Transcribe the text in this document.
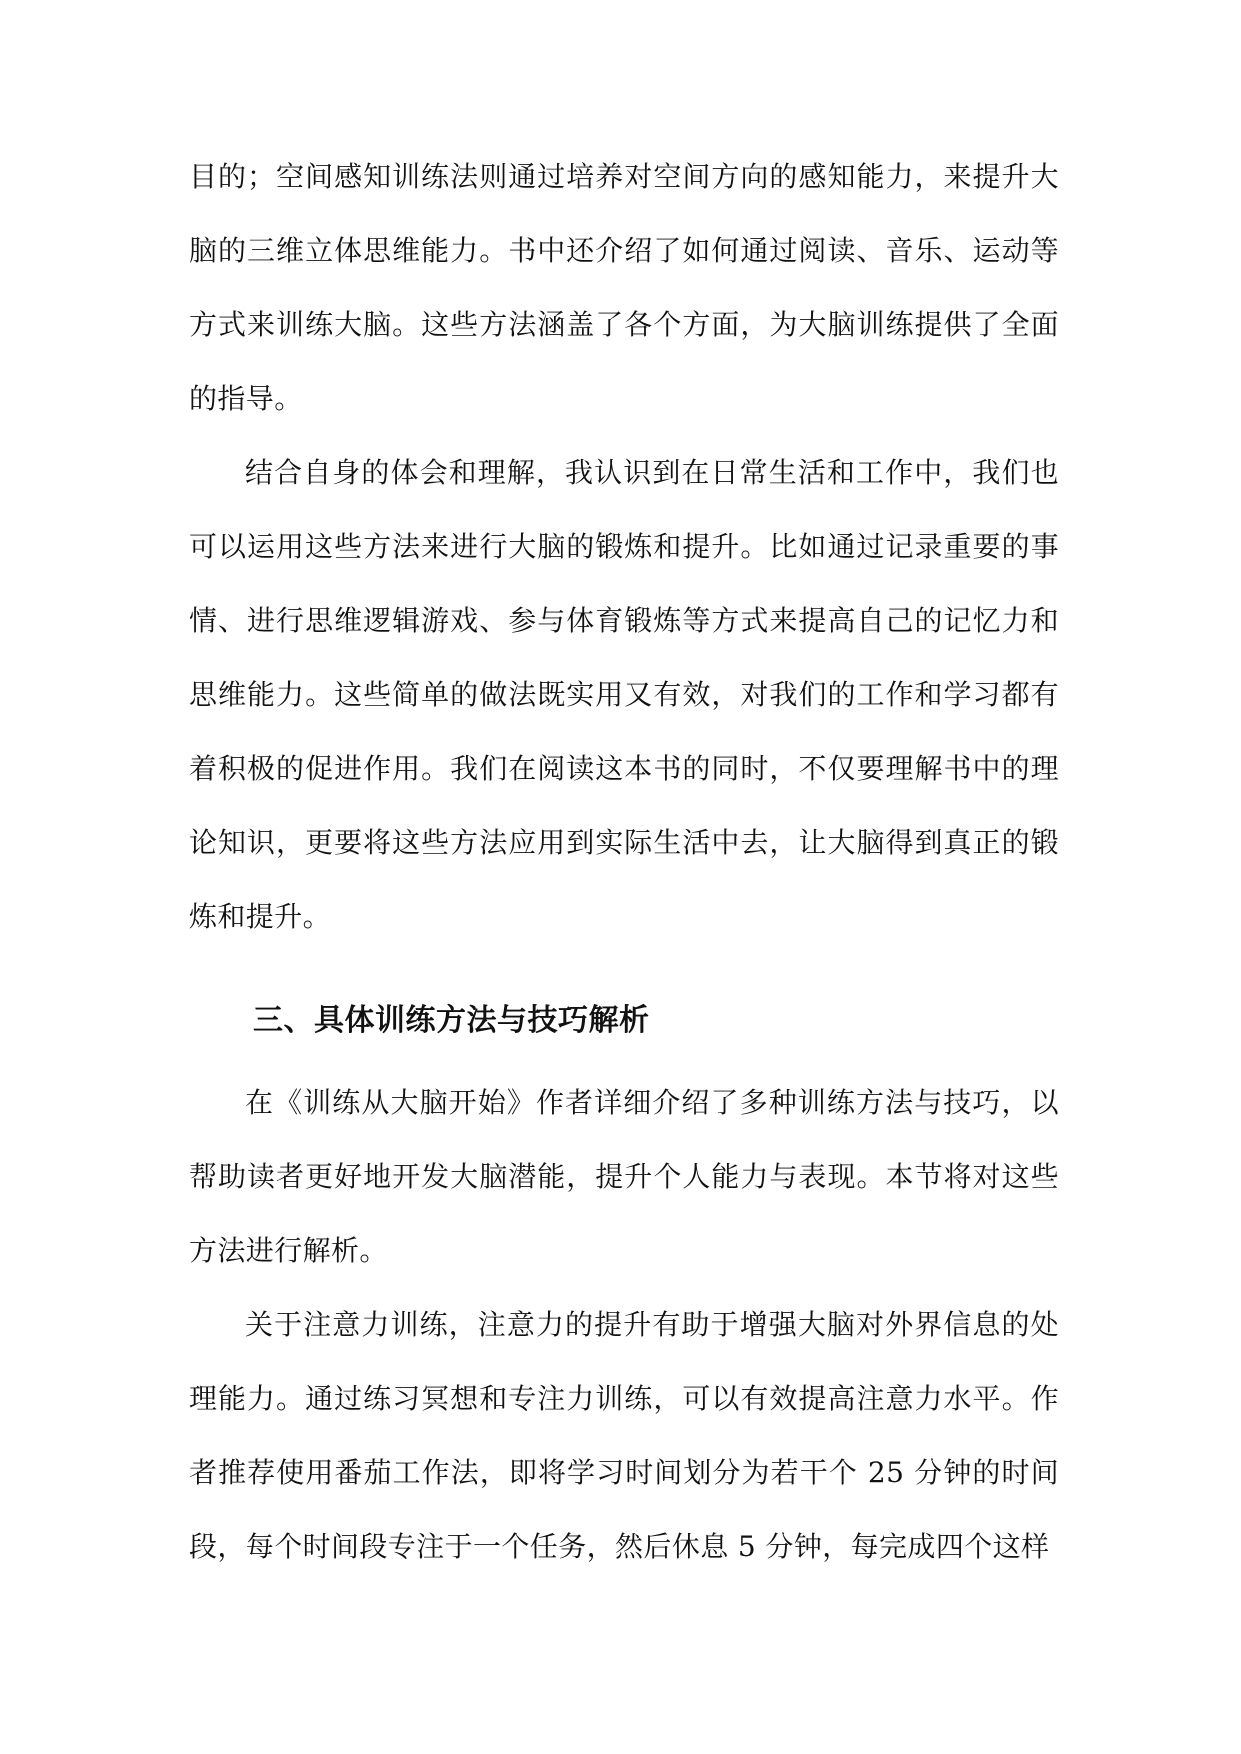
目的；空间感知训练法则通过培养对空间方向的感知能力，来提升大脑的三维立体思维能力。书中还介绍了如何通过阅读、音乐、运动等方式来训练大脑。这些方法涵盖了各个方面，为大脑训练提供了全面的指导。

结合自身的体会和理解，我认识到在日常生活和工作中，我们也可以运用这些方法来进行大脑的锻炼和提升。比如通过记录重要的事情、进行思维逻辑游戏、参与体育锻炼等方式来提高自己的记忆力和思维能力。这些简单的做法既实用又有效，对我们的工作和学习都有着积极的促进作用。我们在阅读这本书的同时，不仅要理解书中的理论知识，更要将这些方法应用到实际生活中去，让大脑得到真正的锻炼和提升。

三、具体训练方法与技巧解析

在《训练从大脑开始》作者详细介绍了多种训练方法与技巧，以帮助读者更好地开发大脑潜能，提升个人能力与表现。本节将对这些方法进行解析。

关于注意力训练，注意力的提升有助于增强大脑对外界信息的处理能力。通过练习冥想和专注力训练，可以有效提高注意力水平。作者推荐使用番茄工作法，即将学习时间划分为若干个 25 分钟的时间段，每个时间段专注于一个任务，然后休息 5 分钟，每完成四个这样
